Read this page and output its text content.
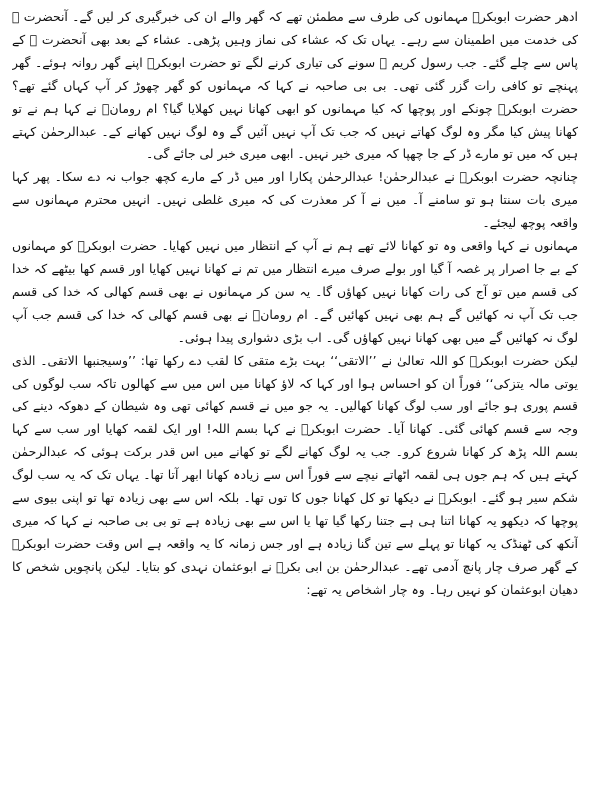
ادھر حضرت ابوبکرؓ مہمانوں کی طرف سے مطمئن تھے کہ گھر والے ان کی خبرگیری کر لیں گے۔ آنحضرت ﷺ کی خدمت میں اطمینان سے رہے۔ یہاں تک کہ عشاء کی نماز وہیں پڑھی۔ عشاء کے بعد بھی آنحضرت ﷺ کے پاس سے چلے گئے۔ جب رسول کریم ﷺ سونے کی تیاری کرنے لگے تو حضرت ابوبکرؓ اپنے گھر روانہ ہوئے۔ گھر پہنچے تو کافی رات گزر گئی تھی۔ بی بی صاحبہ نے کہا کہ مہمانوں کو گھر چھوڑ کر آپ کہاں گئے تھے؟ حضرت ابوبکرؓ چونکے اور پوچھا کہ کیا مہمانوں کو ابھی کھانا نہیں کھلایا گیا؟ ام رومانؓ نے کہا ہم نے تو کھانا پیش کیا مگر وہ لوگ کھاتے نہیں کہ جب تک آپ نہیں آئیں گے وہ لوگ نہیں کھانے کے۔ عبدالرحمٰن کہتے ہیں کہ میں تو مارے ڈر کے جا چھپا کہ میری خیر نہیں۔ ابھی میری خبر لی جائے گی۔

چنانچہ حضرت ابوبکرؓ نے عبدالرحمٰن! عبدالرحمٰن پکارا اور میں ڈر کے مارے کچھ جواب نہ دے سکا۔ پھر کہا میری بات سنتا ہو تو سامنے آ۔ میں نے آ کر معذرت کی کہ میری غلطی نہیں۔ انہیں محترم مہمانوں سے واقعہ پوچھ لیجئے۔

مہمانوں نے کہا واقعی وہ تو کھانا لائے تھے ہم نے آپ کے انتظار میں نہیں کھایا۔ حضرت ابوبکرؓ کو مہمانوں کے بے جا اصرار پر غصہ آ گیا اور بولے صرف میرے انتظار میں تم نے کھانا نہیں کھایا اور قسم کھا بیٹھے کہ خدا کی قسم میں تو آج کی رات کھانا نہیں کھاؤں گا۔ یہ سن کر مہمانوں نے بھی قسم کھالی کہ خدا کی قسم جب تک آپ نہ کھائیں گے ہم بھی نہیں کھائیں گے۔ ام رومانؓ نے بھی قسم کھالی کہ خدا کی قسم جب آپ لوگ نہ کھائیں گے میں بھی کھانا نہیں کھاؤں گی۔ اب بڑی دشواری پیدا ہوئی۔

لیکن حضرت ابوبکرؓ کو اللہ تعالیٰ نے ’’الاتقی‘‘ بہت بڑے متقی کا لقب دے رکھا تھا: ’’وسیجنبھا الاتقی۔ الذی یوتی مالہ یتزکی‘‘ فوراً ان کو احساس ہوا اور کہا کہ لاؤ کھانا میں اس میں سے کھالوں تاکہ سب لوگوں کی قسم پوری ہو جائے اور سب لوگ کھانا کھالیں۔ یہ جو میں نے قسم کھائی تھی وہ شیطان کے دھوکہ دینے کی وجہ سے قسم کھائی گئی۔ کھانا آیا۔ حضرت ابوبکرؓ نے کہا بسم اللہ! اور ایک لقمہ کھایا اور سب سے کہا بسم اللہ پڑھ کر کھانا شروع کرو۔ جب یہ لوگ کھانے لگے تو کھانے میں اس قدر برکت ہوئی کہ عبدالرحمٰن کہتے ہیں کہ ہم جوں ہی لقمہ اٹھاتے نیچے سے فوراً اس سے زیادہ کھانا ابھر آتا تھا۔ یہاں تک کہ یہ سب لوگ شکم سیر ہو گئے۔ ابوبکرؓ نے دیکھا تو کل کھانا جوں کا توں تھا۔ بلکہ اس سے بھی زیادہ تھا تو اپنی بیوی سے پوچھا کہ دیکھو یہ کھانا اتنا ہی ہے جتنا رکھا گیا تھا یا اس سے بھی زیادہ ہے تو بی بی صاحبہ نے کہا کہ میری آنکھ کی ٹھنڈک یہ کھانا تو پہلے سے تین گنا زیادہ ہے اور جس زمانہ کا یہ واقعہ ہے اس وقت حضرت ابوبکرؓ کے گھر صرف چار پانچ آدمی تھے۔ عبدالرحمٰن بن ابی بکرؓ نے ابوعثمان نہدی کو بتایا۔ لیکن پانچویں شخص کا دھیان ابوعثمان کو نہیں رہا۔ وہ چار اشخاص یہ تھے:
